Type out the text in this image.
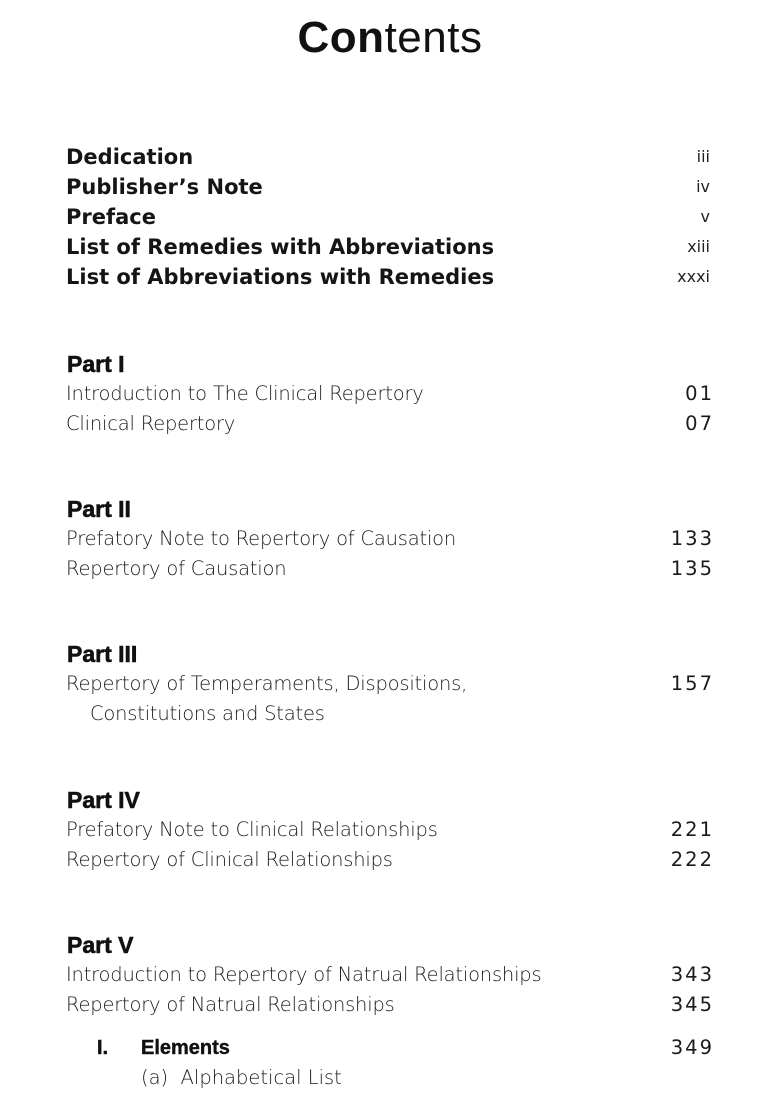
Contents
Dedication	iii
Publisher’s Note	iv
Preface	v
List of Remedies with Abbreviations	xiii
List of Abbreviations with Remedies	xxxi
Part I
Introduction to The Clinical Repertory	01
Clinical Repertory	07
Part II
Prefatory Note to Repertory of Causation	133
Repertory of Causation	135
Part III
Repertory of Temperaments, Dispositions,	157
Constitutions and States
Part IV
Prefatory Note to Clinical Relationships	221
Repertory of Clinical Relationships	222
Part V
Introduction to Repertory of Natrual Relationships	343
Repertory of Natrual Relationships	345
I. Elements	349
(a)  Alphabetical List
